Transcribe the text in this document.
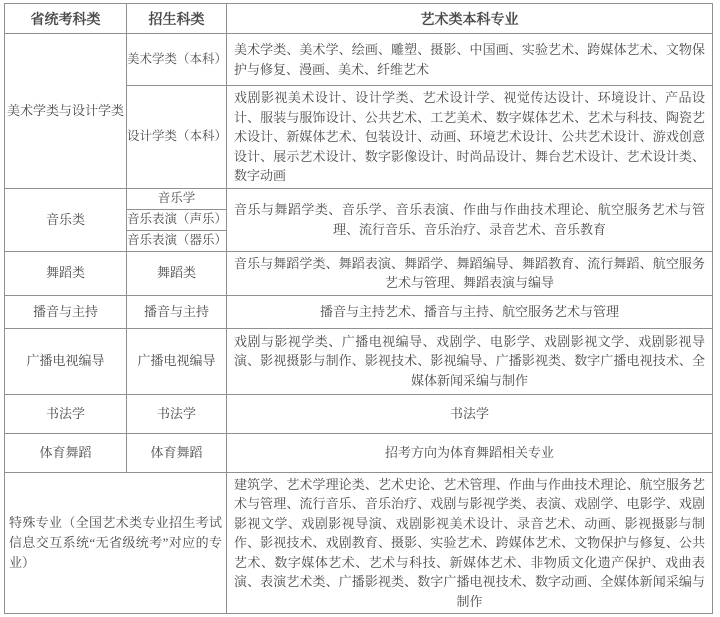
省统考科类	招生科类	艺术类本科专业
美术学类与设计学类	美术学类（本科）	美术学类、美术学、绘画、雕塑、摄影、中国画、实验艺术、跨媒体艺术、文物保护与修复、漫画、美术、纤维艺术
	设计学类（本科）	戏剧影视美术设计、设计学类、艺术设计学、视觉传达设计、环境设计、产品设计、服装与服饰设计、公共艺术、工艺美术、数字媒体艺术、艺术与科技、陶瓷艺术设计、新媒体艺术、包装设计、动画、环境艺术设计、公共艺术设计、游戏创意设计、展示艺术设计、数字影像设计、时尚品设计、舞台艺术设计、艺术设计类、数字动画
音乐类	音乐学	音乐与舞蹈学类、音乐学、音乐表演、作曲与作曲技术理论、航空服务艺术与管理、流行音乐、音乐治疗、录音艺术、音乐教育
	音乐表演（声乐）	
	音乐表演（器乐）	
舞蹈类	舞蹈类	音乐与舞蹈学类、舞蹈表演、舞蹈学、舞蹈编导、舞蹈教育、流行舞蹈、航空服务艺术与管理、舞蹈表演与编导
播音与主持	播音与主持	播音与主持艺术、播音与主持、航空服务艺术与管理
广播电视编导	广播电视编导	戏剧与影视学类、广播电视编导、戏剧学、电影学、戏剧影视文学、戏剧影视导演、影视摄影与制作、影视技术、影视编导、广播影视类、数字广播电视技术、全媒体新闻采编与制作
书法学	书法学	书法学
体育舞蹈	体育舞蹈	招考方向为体育舞蹈相关专业
特殊专业（全国艺术类专业招生考试信息交互系统“无省级统考”对应的专业）		建筑学、艺术学理论类、艺术史论、艺术管理、作曲与作曲技术理论、航空服务艺术与管理、流行音乐、音乐治疗、戏剧与影视学类、表演、戏剧学、电影学、戏剧影视文学、戏剧影视导演、戏剧影视美术设计、录音艺术、动画、影视摄影与制作、影视技术、戏剧教育、摄影、实验艺术、跨媒体艺术、文物保护与修复、公共艺术、数字媒体艺术、艺术与科技、新媒体艺术、非物质文化遗产保护、戏曲表演、表演艺术类、广播影视类、数字广播电视技术、数字动画、全媒体新闻采编与制作
